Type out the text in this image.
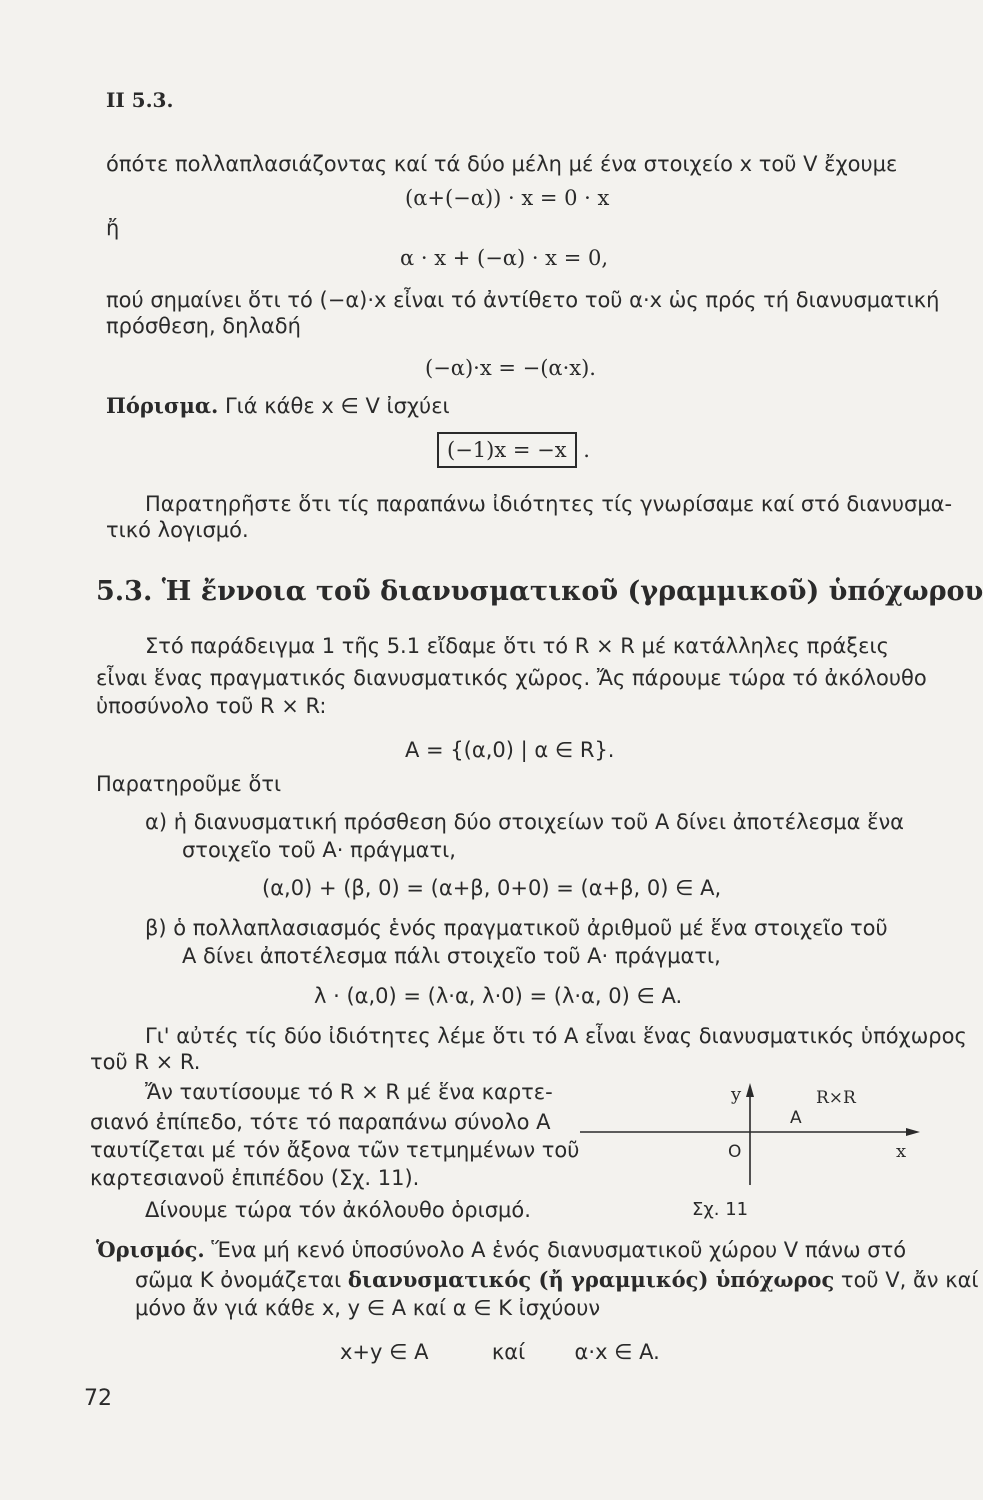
II 5.3.
όπότε πολλαπλασιάζοντας καί τά δύο μέλη μέ ένα στοιχείο x τοῦ V ἔχουμε
(α+(−α)) · x = 0 · x
ἤ
α · x + (−α) · x = 0,
πού σημαίνει ὅτι τό (−α)·x εἶναι τό ἀντίθετο τοῦ α·x ὡς πρός τή διανυσματική
πρόσθεση, δηλαδή
(−α)·x = −(α·x).
Πόρισμα. Γιά κάθε x ∈ V ἰσχύει
(−1)x = −x .
Παρατηρῆστε ὅτι τίς παραπάνω ἰδιότητες τίς γνωρίσαμε καί στό διανυσμα-
τικό λογισμό.
5.3. Ἡ ἔννοια τοῦ διανυσματικοῦ (γραμμικοῦ) ὑπόχωρου
Στό παράδειγμα 1 τῆς 5.1 εἴδαμε ὅτι τό R × R μέ κατάλληλες πράξεις
εἶναι ἕνας πραγματικός διανυσματικός χῶρος. Ἄς πάρουμε τώρα τό ἀκόλουθο
ὑποσύνολο τοῦ R × R:
A = {(α,0) | α ∈ R}.
Παρατηροῦμε ὅτι
α) ἡ διανυσματική πρόσθεση δύο στοιχείων τοῦ A δίνει ἀποτέλεσμα ἕνα
στοιχεῖο τοῦ A· πράγματι,
(α,0) + (β, 0) = (α+β, 0+0) = (α+β, 0) ∈ A,
β) ὁ πολλαπλασιασμός ἑνός πραγματικοῦ ἀριθμοῦ μέ ἕνα στοιχεῖο τοῦ
A δίνει ἀποτέλεσμα πάλι στοιχεῖο τοῦ A· πράγματι,
λ · (α,0) = (λ·α, λ·0) = (λ·α, 0) ∈ A.
Γι' αὐτές τίς δύο ἰδιότητες λέμε ὅτι τό A εἶναι ἕνας διανυσματικός ὑπόχωρος
τοῦ R × R.
Ἄν ταυτίσουμε τό R × R μέ ἕνα καρτε-
σιανό ἐπίπεδο, τότε τό παραπάνω σύνολο A
ταυτίζεται μέ τόν ἄξονα τῶν τετμημένων τοῦ
καρτεσιανοῦ ἐπιπέδου (Σχ. 11).
Δίνουμε τώρα τόν ἀκόλουθο ὁρισμό.
y
x
O
A
R×R
Σχ. 11
Ὁρισμός. Ἕνα μή κενό ὑποσύνολο A ἑνός διανυσματικοῦ χώρου V πάνω στό
σῶμα K ὀνομάζεται διανυσματικός (ἤ γραμμικός) ὑπόχωρος τοῦ V, ἄν καί
μόνο ἄν γιά κάθε x, y ∈ A καί α ∈ K ἰσχύουν
x+y ∈ A	καί α·x ∈ A.
72
